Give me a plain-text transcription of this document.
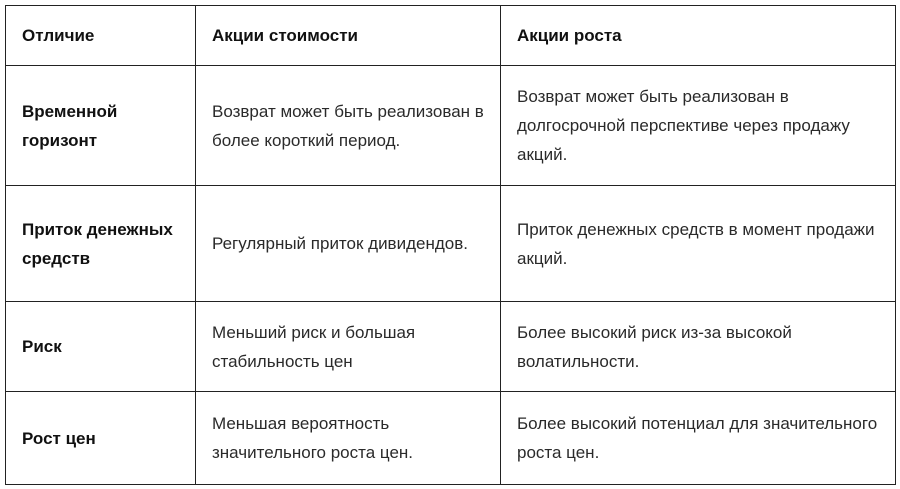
Отличие	Акции стоимости	Акции роста
Временной горизонт	Возврат может быть реализован в более короткий период.	Возврат может быть реализован в долгосрочной перспективе через продажу акций.
Приток денежных средств	Регулярный приток дивидендов.	Приток денежных средств в момент продажи акций.
Риск	Меньший риск и большая стабильность цен	Более высокий риск из-за высокой волатильности.
Рост цен	Меньшая вероятность значительного роста цен.	Более высокий потенциал для значительного роста цен.
